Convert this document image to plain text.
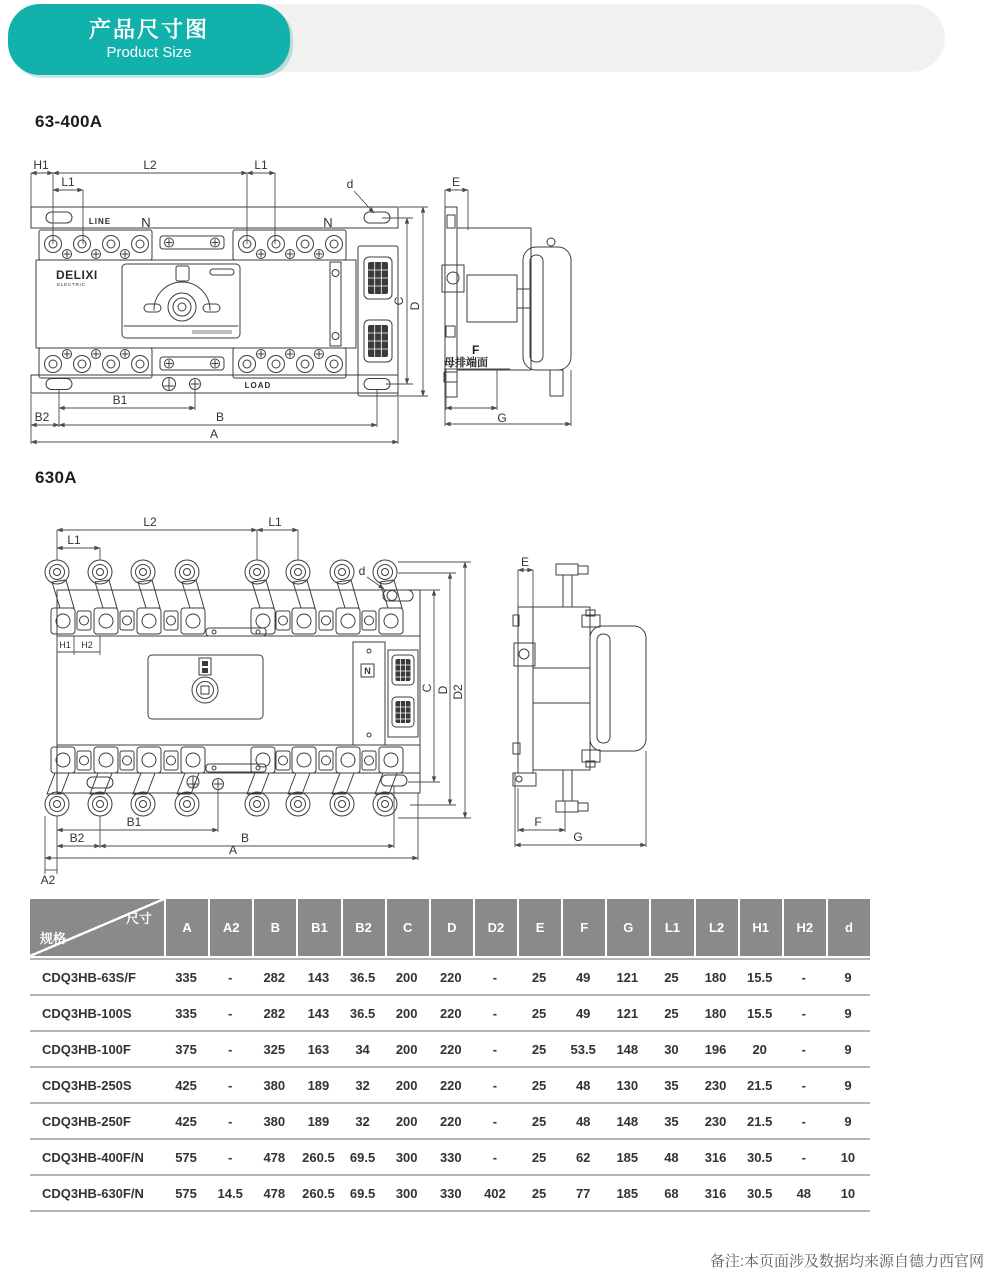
产品尺寸图
Product Size
63-400A
630A
H1	L2	L1
L1	d
LINE N	N
DELIXI
ELECTRIC
LOAD
B1
B2	B
A
C
D
E
F
母排端面
G
L2	L1
L1
d
H1 H2
N
B1
B2	B
A
A2
C D D2
E
F
G
尺寸
规格
A	A2	B	B1	B2	C	D	D2	E	F	G	L1	L2	H1	H2	d
CDQ3HB-63S/F	335	-	282	143	36.5	200	220	-	25	49	121	25	180	15.5	-	9
CDQ3HB-100S	335	-	282	143	36.5	200	220	-	25	49	121	25	180	15.5	-	9
CDQ3HB-100F	375	-	325	163	34	200	220	-	25	53.5	148	30	196	20	-	9
CDQ3HB-250S	425	-	380	189	32	200	220	-	25	48	130	35	230	21.5	-	9
CDQ3HB-250F	425	-	380	189	32	200	220	-	25	48	148	35	230	21.5	-	9
CDQ3HB-400F/N	575	-	478	260.5	69.5	300	330	-	25	62	185	48	316	30.5	-	10
CDQ3HB-630F/N	575	14.5	478	260.5	69.5	300	330	402	25	77	185	68	316	30.5	48	10
备注:本页面涉及数据均来源自德力西官网
